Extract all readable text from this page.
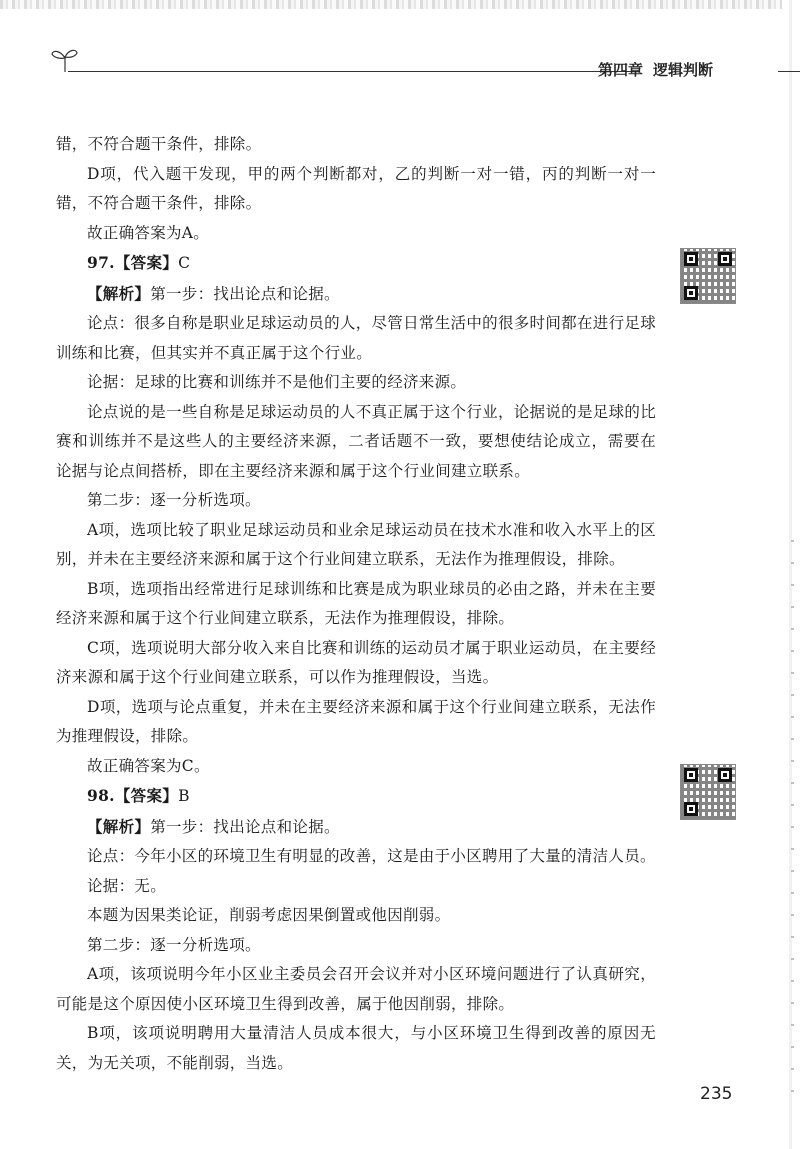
第四章 逻辑判断

错，不符合题干条件，排除。

D项，代入题干发现，甲的两个判断都对，乙的判断一对一错，丙的判断一对一错，不符合题干条件，排除。

故正确答案为A。

97.【答案】C

【解析】第一步：找出论点和论据。

论点：很多自称是职业足球运动员的人，尽管日常生活中的很多时间都在进行足球训练和比赛，但其实并不真正属于这个行业。

论据：足球的比赛和训练并不是他们主要的经济来源。

论点说的是一些自称是足球运动员的人不真正属于这个行业，论据说的是足球的比赛和训练并不是这些人的主要经济来源，二者话题不一致，要想使结论成立，需要在论据与论点间搭桥，即在主要经济来源和属于这个行业间建立联系。

第二步：逐一分析选项。

A项，选项比较了职业足球运动员和业余足球运动员在技术水准和收入水平上的区别，并未在主要经济来源和属于这个行业间建立联系，无法作为推理假设，排除。

B项，选项指出经常进行足球训练和比赛是成为职业球员的必由之路，并未在主要经济来源和属于这个行业间建立联系，无法作为推理假设，排除。

C项，选项说明大部分收入来自比赛和训练的运动员才属于职业运动员，在主要经济来源和属于这个行业间建立联系，可以作为推理假设，当选。

D项，选项与论点重复，并未在主要经济来源和属于这个行业间建立联系，无法作为推理假设，排除。

故正确答案为C。

98.【答案】B

【解析】第一步：找出论点和论据。

论点：今年小区的环境卫生有明显的改善，这是由于小区聘用了大量的清洁人员。

论据：无。

本题为因果类论证，削弱考虑因果倒置或他因削弱。

第二步：逐一分析选项。

A项，该项说明今年小区业主委员会召开会议并对小区环境问题进行了认真研究，可能是这个原因使小区环境卫生得到改善，属于他因削弱，排除。

B项，该项说明聘用大量清洁人员成本很大，与小区环境卫生得到改善的原因无关，为无关项，不能削弱，当选。

235
